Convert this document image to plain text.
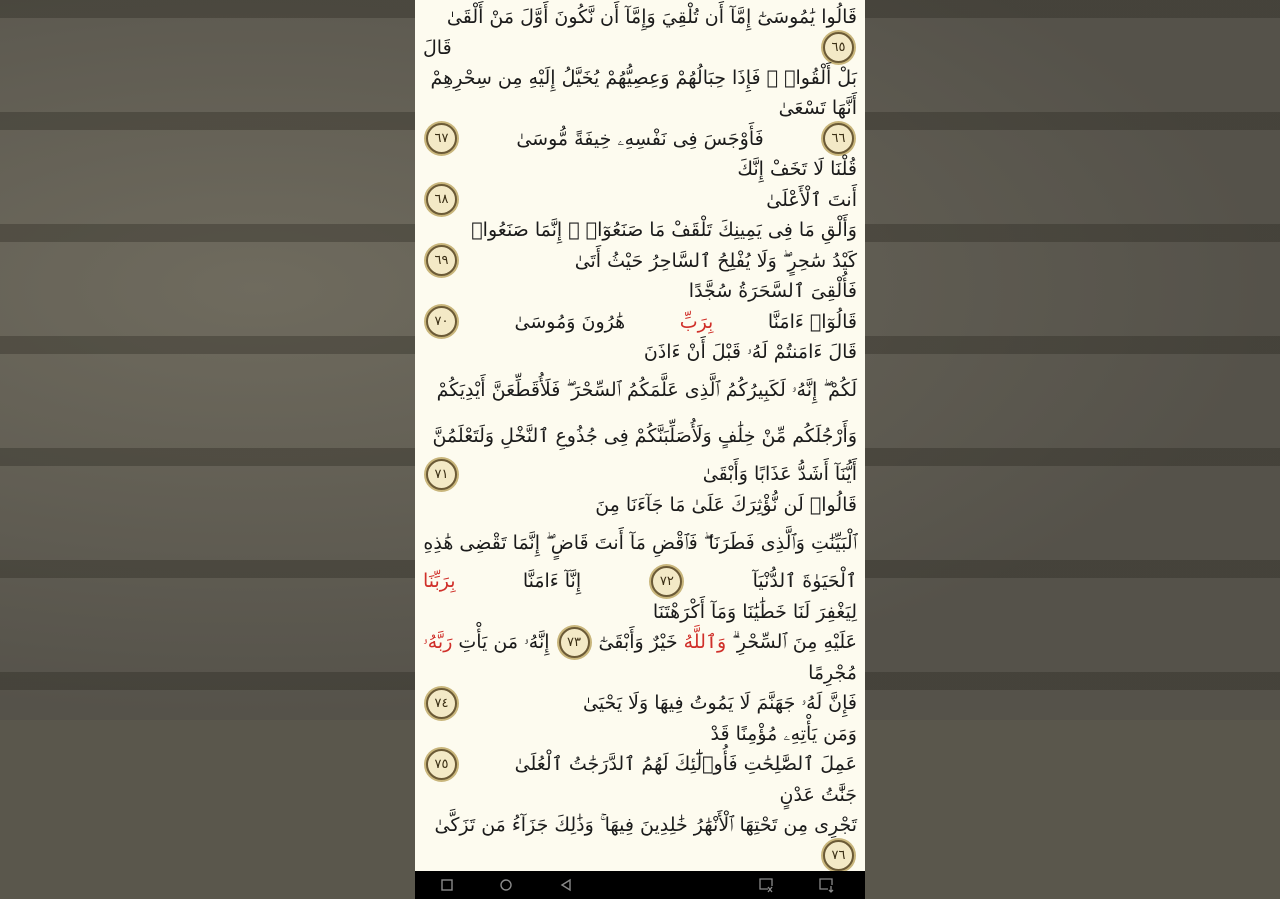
قَالُوا يَٰمُوسَىٰٓ إِمَّآ أَن تُلْقِيَ وَإِمَّآ أَن نَّكُونَ أَوَّلَ مَنْ أَلْقَىٰ
٦٥
قَالَ
بَلْ أَلْقُوا۟ ۖ فَإِذَا حِبَالُهُمْ وَعِصِيُّهُمْ يُخَيَّلُ إِلَيْهِ مِن سِحْرِهِمْ أَنَّهَا تَسْعَىٰ
٦٦
فَأَوْجَسَ فِى نَفْسِهِۦ خِيفَةً مُّوسَىٰ
٦٧
قُلْنَا لَا تَخَفْ إِنَّكَ
أَنتَ ٱلْأَعْلَىٰ
٦٨
وَأَلْقِ مَا فِى يَمِينِكَ تَلْقَفْ مَا صَنَعُوٓا۟ ۖ إِنَّمَا صَنَعُوا۟
كَيْدُ سَٰحِرٍ ۖ وَلَا يُفْلِحُ ٱلسَّاحِرُ حَيْثُ أَتَىٰ
٦٩
فَأُلْقِىَ ٱلسَّحَرَةُ سُجَّدًا
قَالُوٓا۟ ءَامَنَّا
بِرَبِّ
هَٰرُونَ وَمُوسَىٰ
٧٠
قَالَ ءَامَنتُمْ لَهُۥ قَبْلَ أَنْ ءَاذَنَ
لَكُمْ ۖ إِنَّهُۥ لَكَبِيرُكُمُ ٱلَّذِى عَلَّمَكُمُ ٱلسِّحْرَ ۖ فَلَأُقَطِّعَنَّ أَيْدِيَكُمْ
وَأَرْجُلَكُم مِّنْ خِلَٰفٍ وَلَأُصَلِّبَنَّكُمْ فِى جُذُوعِ ٱلنَّخْلِ وَلَتَعْلَمُنَّ
أَيُّنَآ أَشَدُّ عَذَابًا وَأَبْقَىٰ
٧١
قَالُوا۟ لَن نُّؤْثِرَكَ عَلَىٰ مَا جَآءَنَا مِنَ
ٱلْبَيِّنَٰتِ وَٱلَّذِى فَطَرَنَا ۖ فَٱقْضِ مَآ أَنتَ قَاضٍ ۖ إِنَّمَا تَقْضِى هَٰذِهِ
ٱلْحَيَوٰةَ ٱلدُّنْيَآ
٧٢
إِنَّآ ءَامَنَّا
بِرَبِّنَا
لِيَغْفِرَ لَنَا خَطَٰيَٰنَا وَمَآ أَكْرَهْتَنَا
عَلَيْهِ مِنَ ٱلسِّحْرِ ۗ
وَٱللَّهُ
خَيْرٌ وَأَبْقَىٰٓ
٧٣
إِنَّهُۥ مَن يَأْتِ
رَبَّهُۥ
مُجْرِمًا
فَإِنَّ لَهُۥ جَهَنَّمَ لَا يَمُوتُ فِيهَا وَلَا يَحْيَىٰ
٧٤
وَمَن يَأْتِهِۦ مُؤْمِنًا قَدْ
عَمِلَ ٱلصَّٰلِحَٰتِ فَأُو۟لَٰٓئِكَ لَهُمُ ٱلدَّرَجَٰتُ ٱلْعُلَىٰ
٧٥
جَنَّٰتُ عَدْنٍ
تَجْرِى مِن تَحْتِهَا ٱلْأَنْهَٰرُ خَٰلِدِينَ فِيهَا ۚ وَذَٰلِكَ جَزَآءُ مَن تَزَكَّىٰ
٧٦
